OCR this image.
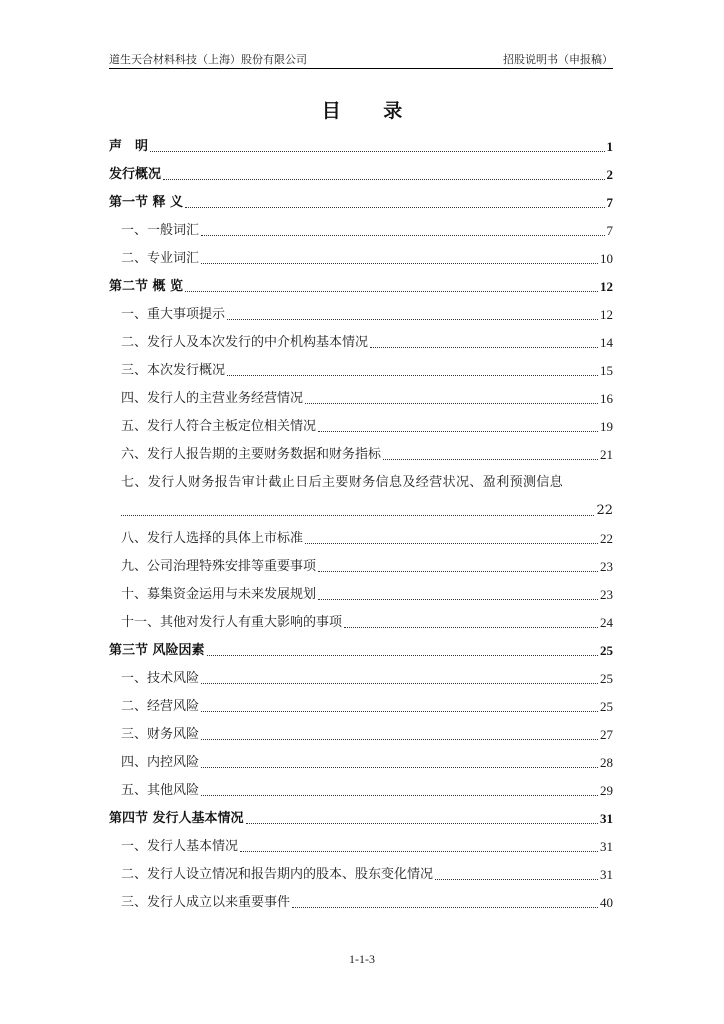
道生天合材料科技（上海）股份有限公司	招股说明书（申报稿）
目 录
声　明	1
发行概况	2
第一节 释 义	7
一、一般词汇	7
二、专业词汇	10
第二节 概 览	12
一、重大事项提示	12
二、发行人及本次发行的中介机构基本情况	14
三、本次发行概况	15
四、发行人的主营业务经营情况	16
五、发行人符合主板定位相关情况	19
六、发行人报告期的主要财务数据和财务指标	21
七、发行人财务报告审计截止日后主要财务信息及经营状况、盈利预测信息
22
八、发行人选择的具体上市标准	22
九、公司治理特殊安排等重要事项	23
十、募集资金运用与未来发展规划	23
十一、其他对发行人有重大影响的事项	24
第三节 风险因素	25
一、技术风险	25
二、经营风险	25
三、财务风险	27
四、内控风险	28
五、其他风险	29
第四节 发行人基本情况	31
一、发行人基本情况	31
二、发行人设立情况和报告期内的股本、股东变化情况	31
三、发行人成立以来重要事件	40
1-1-3
